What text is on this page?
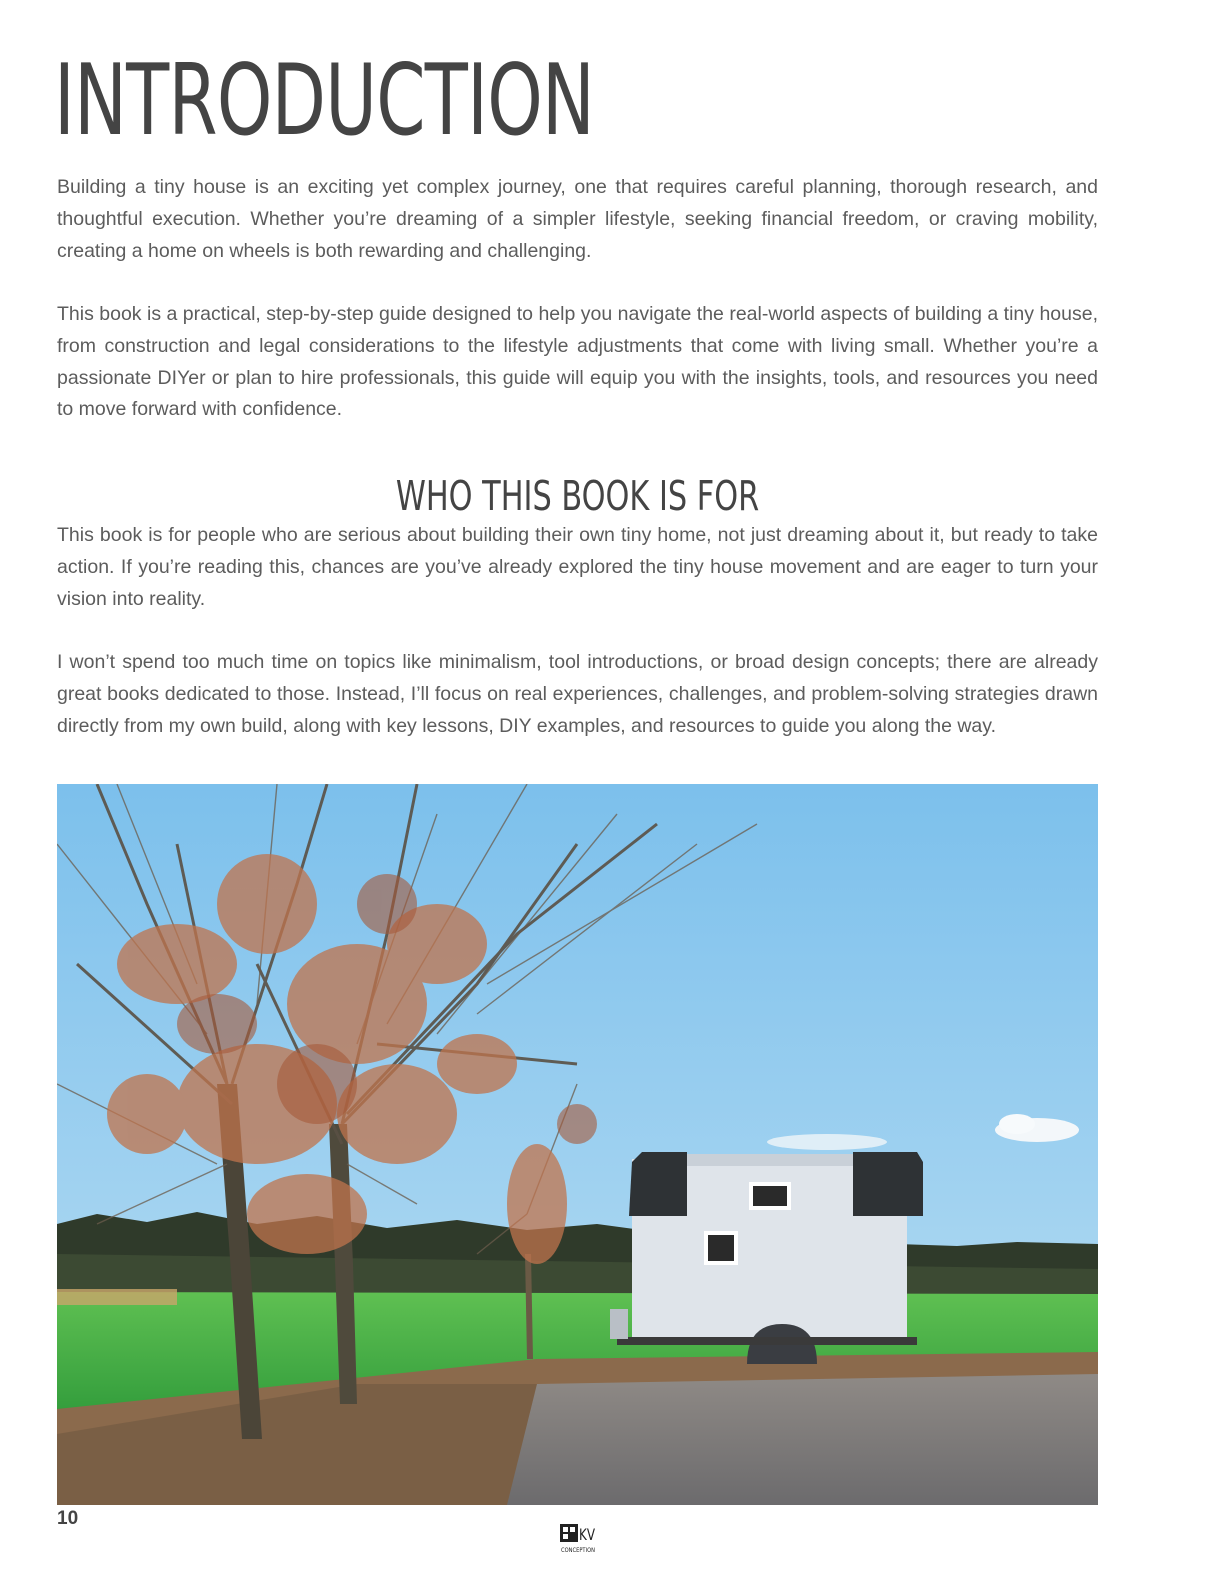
INTRODUCTION

Building a tiny house is an exciting yet complex journey, one that requires careful planning, thorough research, and thoughtful execution. Whether you’re dreaming of a simpler lifestyle, seeking financial freedom, or craving mobility, creating a home on wheels is both rewarding and challenging.

This book is a practical, step-by-step guide designed to help you navigate the real-world aspects of building a tiny house, from construction and legal considerations to the lifestyle adjustments that come with living small. Whether you’re a passionate DIYer or plan to hire professionals, this guide will equip you with the insights, tools, and resources you need to move forward with confidence.

WHO THIS BOOK IS FOR

This book is for people who are serious about building their own tiny home, not just dreaming about it, but ready to take action. If you’re reading this, chances are you’ve already explored the tiny house movement and are eager to turn your vision into reality.

I won’t spend too much time on topics like minimalism, tool introductions, or broad design concepts; there are already great books dedicated to those. Instead, I’ll focus on real experiences, challenges, and problem-solving strategies drawn directly from my own build, along with key lessons, DIY examples, and resources to guide you along the way.

10
KV
CONCEPTION
